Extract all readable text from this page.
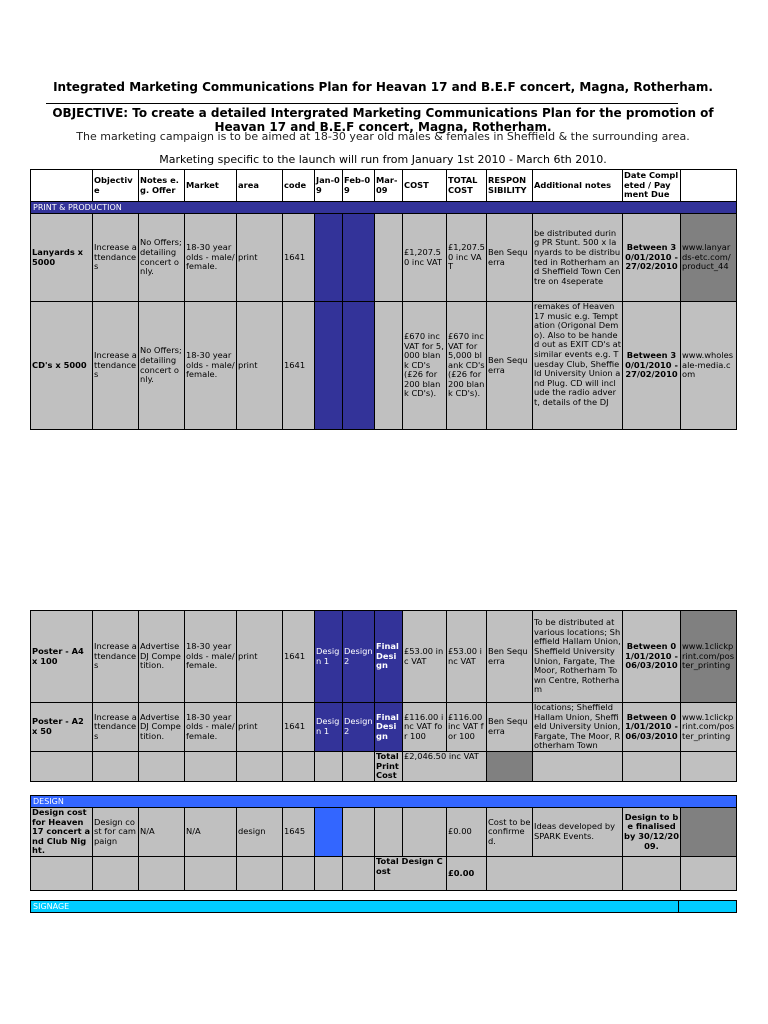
Integrated Marketing Communications Plan for Heavan 17 and B.E.F concert, Magna, Rotherham.
OBJECTIVE: To create a detailed Intergrated Marketing Communications Plan for the promotion of Heavan 17 and B.E.F concert, Magna, Rotherham.
The marketing campaign is to be aimed at 18-30 year old males & females in Sheffield & the surrounding area.
Marketing specific to the launch will run from January 1st 2010 - March 6th 2010.
	Objective	Notes e.g. Offer	Market	area	code	Jan-09	Feb-09	Mar-09	COST	TOTAL COST	RESPONSIBILITY	Additional notes	Date Completed / Payment Due	
PRINT & PRODUCTION														
Lanyards x 5000	Increase attendances	No Offers; detailing concert only.	18-30 year olds - male/female.	print	1641				£1,207.50 inc VAT	£1,207.50 inc VAT	Ben Sequerra	be distributed during PR Stunt. 500 x lanyards to be distributed in Rotherham and Sheffield Town Centre on 4seperate	Between 30/01/2010 - 27/02/2010	www.lanyards-etc.com/product_44
CD's x 5000	Increase attendances	No Offers; detailing concert only.	18-30 year olds - male/female.	print	1641				£670 inc VAT for 5,000 blank CD's (£26 for 200 blank CD's).	£670 inc VAT for 5,000 blank CD's (£26 for 200 blank CD's).	Ben Sequerra	remakes of Heaven 17 music e.g. Temptation (Origonal Demo). Also to be handed out as EXIT CD's at similar events e.g. Tuesday Club, Sheffield University Union and Plug. CD will include the radio advert, details of the DJ	Between 30/01/2010 - 27/02/2010	www.wholesale-media.com
Poster - A4 x 100	Increase attendances	Advertise DJ Competition.	18-30 year olds - male/female.	print	1641	Design 1	Design 2	Final Design	£53.00 inc VAT	£53.00 inc VAT	Ben Sequerra	To be distributed at various locations; Sheffield Hallam Union, Sheffield University Union, Fargate, The Moor, Rotherham Town Centre, Rotherham	Between 01/01/2010 - 06/03/2010	www.1clickprint.com/poster_printing
Poster - A2 x 50	Increase attendances	Advertise DJ Competition.	18-30 year olds - male/female.	print	1641	Design 1	Design 2	Final Design	£116.00 inc VAT for 100	£116.00 inc VAT for 100	Ben Sequerra	locations; Sheffield Hallam Union, Sheffield University Union, Fargate, The Moor, Rotherham Town	Between 01/01/2010 - 06/03/2010	www.1clickprint.com/poster_printing
								Total Print Cost	£2,046.50 inc VAT					
DESIGN														
Design cost for Heaven 17 concert and Club Night.	Design cost for campaign	N/A	N/A	design	1645					£0.00	Cost to be confirmed.	Ideas developed by SPARK Events.	Design to be finalised by 30/12/2009.	
								Total Design Cost		£0.00				
SIGNAGE	
